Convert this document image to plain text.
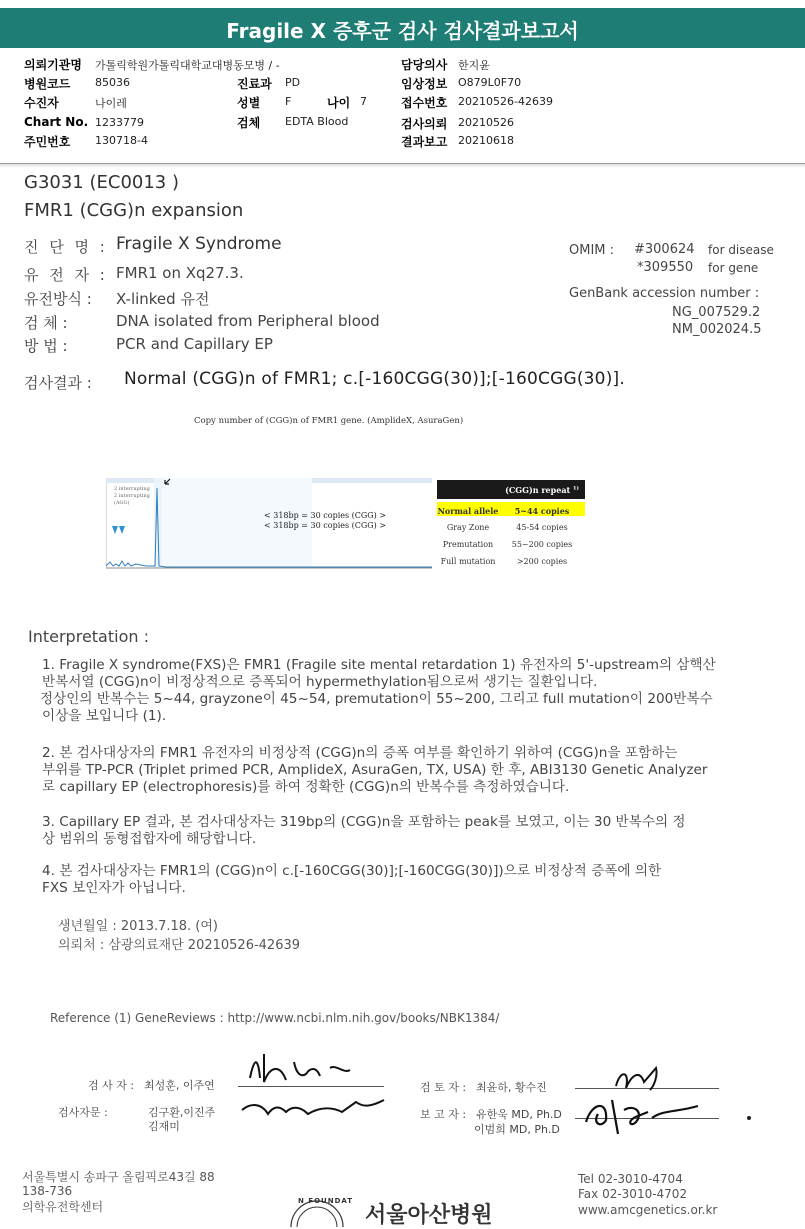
Fragile X 증후군 검사 검사결과보고서
의뢰기관명 가톨릭학원가톨릭대학교대병동모병 / -
병원코드 85036
수진자	나이레
Chart No. 1233779
주민번호 130718-4
진료과 PD
성별 F	나이 7
검체 EDTA Blood
담당의사 한지윤
임상정보 O879L0F70
접수번호 20210526-42639
검사의뢰 20210526
결과보고 20210618
G3031 (EC0013 )
FMR1 (CGG)n expansion
진 단 명 : Fragile X Syndrome
유 전 자 : FMR1 on Xq27.3.
유전방식 : X-linked 유전
검 체 :	DNA isolated from Peripheral blood
방 법 :	PCR and Capillary EP
OMIM : #300624 for disease
*309550 for gene
GenBank accession number :
NG_007529.2
NM_002024.5
검사결과 : Normal (CGG)n of FMR1; c.[-160CGG(30)];[-160CGG(30)].
Copy number of (CGG)n of FMR1 gene. (AmplideX, AsuraGen)
2 interrupting
2 interrupting
(AGG)
< 318bp = 30 copies (CGG) >
< 318bp = 30 copies (CGG) >
(CGG)n repeat $^{1)}$
Normal allele	5~44 copies
Gray Zone	45-54 copies
Premutation	55~200 copies
Full mutation	>200 copies
Interpretation :
1. Fragile X syndrome(FXS)은 FMR1 (Fragile site mental retardation 1) 유전자의 5'-upstream의 삼핵산
반복서열 (CGG)n이 비정상적으로 증폭되어 hypermethylation됨으로써 생기는 질환입니다.
정상인의 반복수는 5~44, grayzone이 45~54, premutation이 55~200, 그리고 full mutation이 200반복수
이상을 보입니다 (1).
2. 본 검사대상자의 FMR1 유전자의 비정상적 (CGG)n의 증폭 여부를 확인하기 위하여 (CGG)n을 포함하는
부위를 TP-PCR (Triplet primed PCR, AmplideX, AsuraGen, TX, USA) 한 후, ABI3130 Genetic Analyzer
로 capillary EP (electrophoresis)를 하여 정확한 (CGG)n의 반복수를 측정하였습니다.
3. Capillary EP 결과, 본 검사대상자는 319bp의 (CGG)n을 포함하는 peak를 보였고, 이는 30 반복수의 정
상 범위의 동형접합자에 해당합니다.
4. 본 검사대상자는 FMR1의 (CGG)n이 c.[-160CGG(30)];[-160CGG(30)])으로 비정상적 증폭에 의한
FXS 보인자가 아닙니다.
생년월일 : 2013.7.18. (여)
의뢰처 : 삼광의료재단 20210526-42639
Reference (1) GeneReviews : http://www.ncbi.nlm.nih.gov/books/NBK1384/
검 사 자 : 최성훈, 이주연
검사자문 :	김구환,이진주
김재미
검 토 자 : 최윤하, 황수진
보 고 자 : 유한욱 MD, Ph.D
이범희 MD, Ph.D
서울특별시 송파구 올림픽로43길 88
138-736
의학유전학센터	N FOUNDAT
서울아산병원
Tel 02-3010-4704
Fax 02-3010-4702
www.amcgenetics.or.kr
